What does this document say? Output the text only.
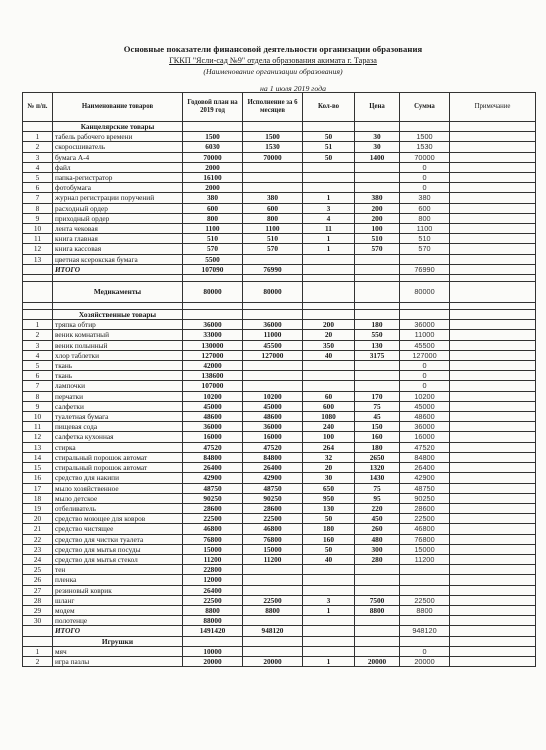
Основные показатели финансовой деятельности организации образования
ГККП "Ясли-сад №9" отдела образования акимата г. Тараза
(Наименование организации образования)
на 1 июля 2019 года
№ п/п.	Наименование товаров	Годовой план на 2019 год	Исполнение за 6 месяцев	Кол-во	Цена	Сумма	Примечание
	Канцелярские товары						
1	табель рабочего времени	1500	1500	50	30	1500	
2	скоросшиватель	6030	1530	51	30	1530	
3	бумага А-4	70000	70000	50	1400	70000	
4	файл	2000				0	
5	папка-регистратор	16100				0	
6	фотобумага	2000				0	
7	журнал регистрации поручений	380	380	1	380	380	
8	расходный ордер	600	600	3	200	600	
9	приходный ордер	800	800	4	200	800	
10	лента чековая	1100	1100	11	100	1100	
11	книга главная	510	510	1	510	510	
12	книга кассовая	570	570	1	570	570	
13	цветная ксерокская бумага	5500					
	ИТОГО	107090	76990			76990	

	Медикаменты	80000	80000			80000	

	Хозяйственные товары						
1	тряпка обтир	36000	36000	200	180	36000	
2	веник комнатный	33000	11000	20	550	11000	
3	веник полынный	130000	45500	350	130	45500	
4	хлор таблетки	127000	127000	40	3175	127000	
5	ткань	42000				0	
6	ткань	138600				0	
7	лампочки	107000				0	
8	перчатки	10200	10200	60	170	10200	
9	салфетки	45000	45000	600	75	45000	
10	туалетная бумага	48600	48600	1080	45	48600	
11	пищевая сода	36000	36000	240	150	36000	
12	салфетка кухонная	16000	16000	100	160	16000	
13	стирка	47520	47520	264	180	47520	
14	стиральный порошок автомат	84800	84800	32	2650	84800	
15	стиральный порошок автомат	26400	26400	20	1320	26400	
16	средство для накипи	42900	42900	30	1430	42900	
17	мыло хозяйственное	48750	48750	650	75	48750	
18	мыло детское	90250	90250	950	95	90250	
19	отбеливатель	28600	28600	130	220	28600	
20	средство моющее для ковров	22500	22500	50	450	22500	
21	средство чистящее	46800	46800	180	260	46800	
22	средство для чистки туалета	76800	76800	160	480	76800	
23	средство для мытья посуды	15000	15000	50	300	15000	
24	средство для мытья стекол	11200	11200	40	280	11200	
25	тен	22800					
26	пленка	12000					
27	резиновый коврик	26400					
28	шланг	22500	22500	3	7500	22500	
29	модем	8800	8800	1	8800	8800	
30	полотенце	88000					
	ИТОГО	1491420	948120			948120	
	Игрушки						
1	мяч	10000				0	
2	игра пазлы	20000	20000	1	20000	20000	
